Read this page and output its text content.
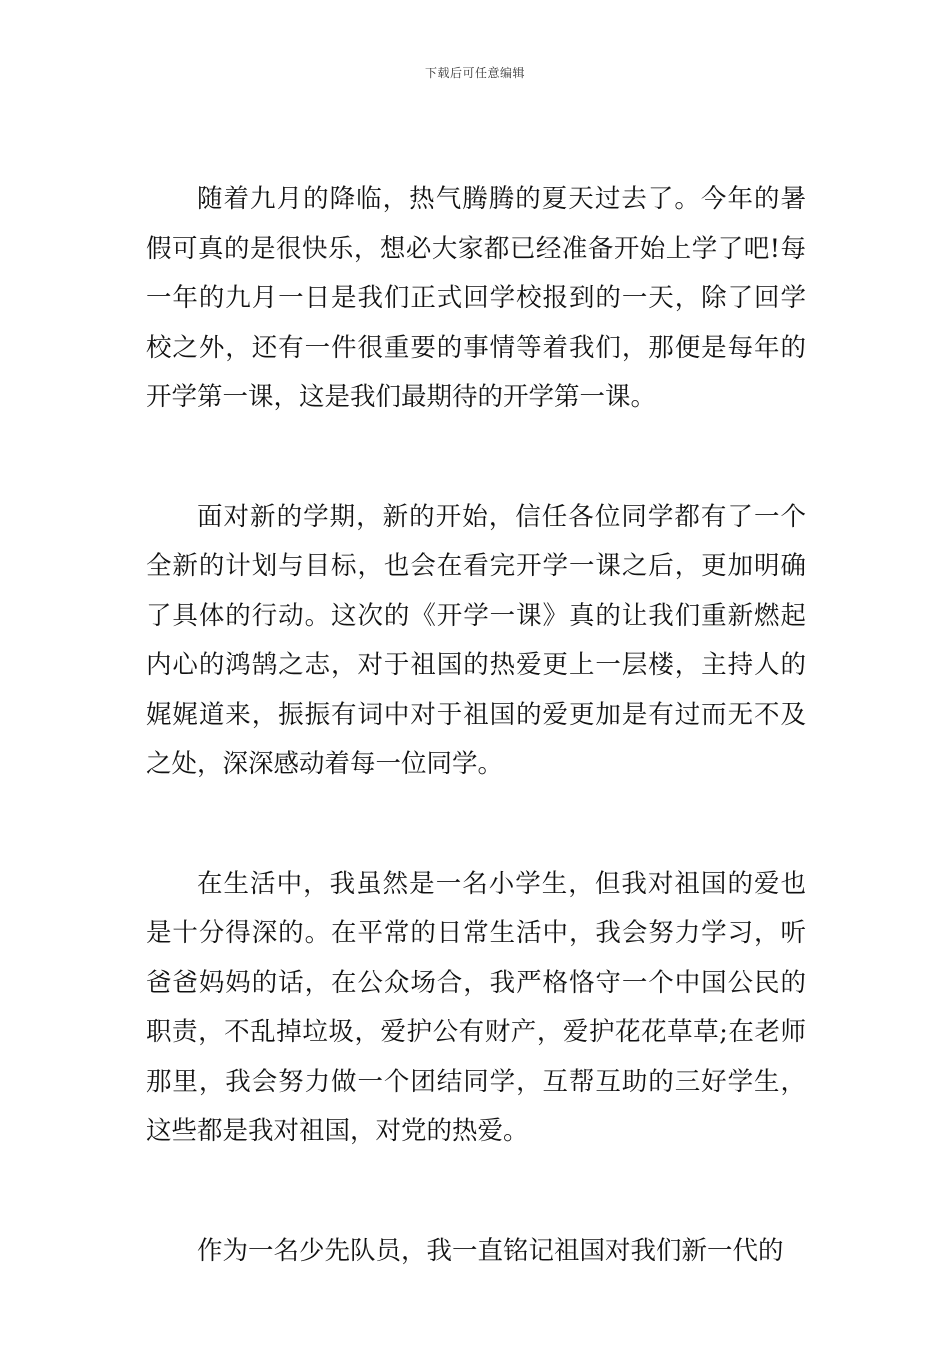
下载后可任意编辑

随着九月的降临，热气腾腾的夏天过去了。今年的暑假可真的是很快乐，想必大家都已经准备开始上学了吧!每一年的九月一日是我们正式回学校报到的一天，除了回学校之外，还有一件很重要的事情等着我们，那便是每年的开学第一课，这是我们最期待的开学第一课。

面对新的学期，新的开始，信任各位同学都有了一个全新的计划与目标，也会在看完开学一课之后，更加明确了具体的行动。这次的《开学一课》真的让我们重新燃起内心的鸿鹄之志，对于祖国的热爱更上一层楼，主持人的娓娓道来，振振有词中对于祖国的爱更加是有过而无不及之处，深深感动着每一位同学。

在生活中，我虽然是一名小学生，但我对祖国的爱也是十分得深的。在平常的日常生活中，我会努力学习，听爸爸妈妈的话，在公众场合，我严格恪守一个中国公民的职责，不乱掉垃圾，爱护公有财产，爱护花花草草;在老师那里，我会努力做一个团结同学，互帮互助的三好学生，这些都是我对祖国，对党的热爱。

作为一名少先队员，我一直铭记祖国对我们新一代的
